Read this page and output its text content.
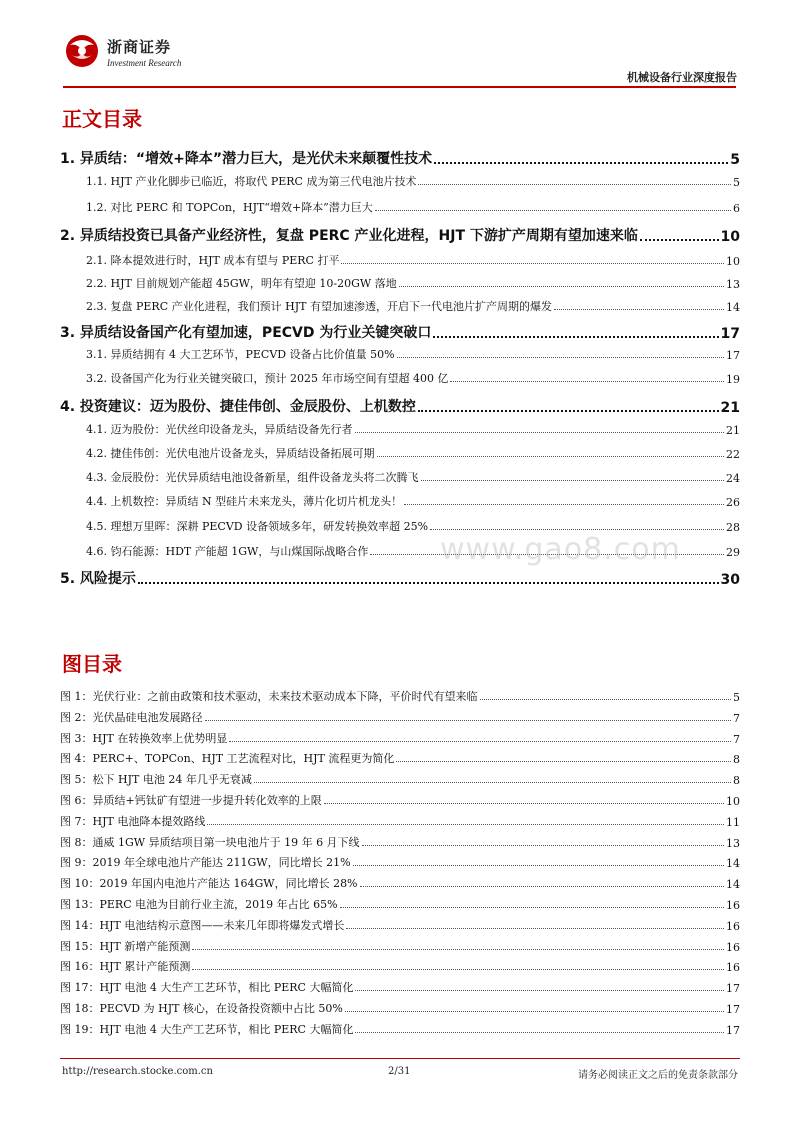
浙商证券
Investment Research
机械设备行业深度报告
正文目录
1. 异质结：“增效+降本”潜力巨大，是光伏未来颠覆性技术	5
1.1. HJT 产业化脚步已临近，将取代 PERC 成为第三代电池片技术	5
1.2. 对比 PERC 和 TOPCon，HJT“增效+降本”潜力巨大	6
2. 异质结投资已具备产业经济性，复盘 PERC 产业化进程，HJT 下游扩产周期有望加速来临	10
2.1. 降本提效进行时，HJT 成本有望与 PERC 打平	10
2.2. HJT 目前规划产能超 45GW，明年有望迎 10-20GW 落地	13
2.3. 复盘 PERC 产业化进程，我们预计 HJT 有望加速渗透，开启下一代电池片扩产周期的爆发	14
3. 异质结设备国产化有望加速，PECVD 为行业关键突破口	17
3.1. 异质结拥有 4 大工艺环节，PECVD 设备占比价值量 50%	17
3.2. 设备国产化为行业关键突破口，预计 2025 年市场空间有望超 400 亿	19
4. 投资建议：迈为股份、捷佳伟创、金辰股份、上机数控	21
4.1. 迈为股份：光伏丝印设备龙头，异质结设备先行者	21
4.2. 捷佳伟创：光伏电池片设备龙头，异质结设备拓展可期	22
4.3. 金辰股份：光伏异质结电池设备新星，组件设备龙头将二次腾飞	24
4.4. 上机数控：异质结 N 型硅片未来龙头，薄片化切片机龙头！	26
4.5. 理想万里晖：深耕 PECVD 设备领域多年，研发转换效率超 25%	28
4.6. 钧石能源：HDT 产能超 1GW，与山煤国际战略合作	29
5. 风险提示	30
图目录
图 1：光伏行业：之前由政策和技术驱动，未来技术驱动成本下降，平价时代有望来临	5
图 2：光伏晶硅电池发展路径	7
图 3：HJT 在转换效率上优势明显	7
图 4：PERC+、TOPCon、HJT 工艺流程对比，HJT 流程更为简化	8
图 5：松下 HJT 电池 24 年几乎无衰减	8
图 6：异质结+钙钛矿有望进一步提升转化效率的上限	10
图 7：HJT 电池降本提效路线	11
图 8：通威 1GW 异质结项目第一块电池片于 19 年 6 月下线	13
图 9：2019 年全球电池片产能达 211GW，同比增长 21%	14
图 10：2019 年国内电池片产能达 164GW，同比增长 28%	14
图 13：PERC 电池为目前行业主流，2019 年占比 65%	16
图 14：HJT 电池结构示意图——未来几年即将爆发式增长	16
图 15：HJT 新增产能预测	16
图 16：HJT 累计产能预测	16
图 17：HJT 电池 4 大生产工艺环节，相比 PERC 大幅简化	17
图 18：PECVD 为 HJT 核心，在设备投资额中占比 50%	17
图 19：HJT 电池 4 大生产工艺环节，相比 PERC 大幅简化	17
www.gao8.com
http://research.stocke.com.cn	2/31	请务必阅读正文之后的免责条款部分
